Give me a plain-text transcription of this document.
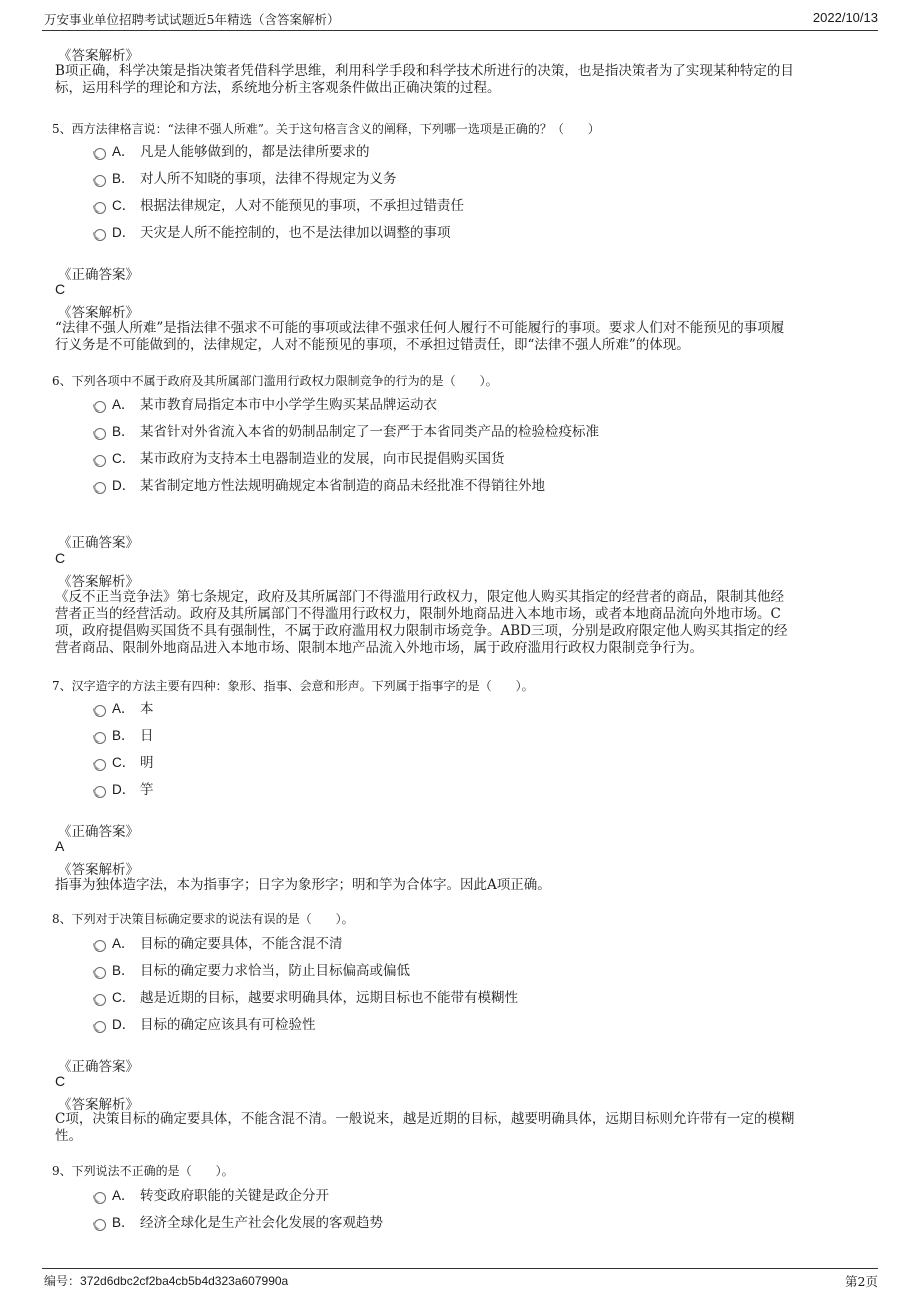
万安事业单位招聘考试试题近5年精选（含答案解析）	2022/10/13
《答案解析》
B项正确，科学决策是指决策者凭借科学思维，利用科学手段和科学技术所进行的决策，也是指决策者为了实现某种特定的目
标，运用科学的理论和方法，系统地分析主客观条件做出正确决策的过程。
5、西方法律格言说：“法律不强人所难”。关于这句格言含义的阐释，下列哪一选项是正确的？（　　）
A． 凡是人能够做到的，都是法律所要求的
B． 对人所不知晓的事项，法律不得规定为义务
C． 根据法律规定，人对不能预见的事项，不承担过错责任
D． 天灾是人所不能控制的，也不是法律加以调整的事项
《正确答案》
C
《答案解析》
“法律不强人所难”是指法律不强求不可能的事项或法律不强求任何人履行不可能履行的事项。要求人们对不能预见的事项履
行义务是不可能做到的，法律规定，人对不能预见的事项，不承担过错责任，即“法律不强人所难”的体现。
6、下列各项中不属于政府及其所属部门滥用行政权力限制竞争的行为的是（　　）。
A． 某市教育局指定本市中小学学生购买某品牌运动衣
B． 某省针对外省流入本省的奶制品制定了一套严于本省同类产品的检验检疫标准
C． 某市政府为支持本土电器制造业的发展，向市民提倡购买国货
D． 某省制定地方性法规明确规定本省制造的商品未经批准不得销往外地
《正确答案》
C
《答案解析》
《反不正当竞争法》第七条规定，政府及其所属部门不得滥用行政权力，限定他人购买其指定的经营者的商品，限制其他经
营者正当的经营活动。政府及其所属部门不得滥用行政权力，限制外地商品进入本地市场，或者本地商品流向外地市场。C
项，政府提倡购买国货不具有强制性，不属于政府滥用权力限制市场竞争。ABD三项，分别是政府限定他人购买其指定的经
营者商品、限制外地商品进入本地市场、限制本地产品流入外地市场，属于政府滥用行政权力限制竞争行为。
7、汉字造字的方法主要有四种：象形、指事、会意和形声。下列属于指事字的是（　　）。
A． 本
B． 日
C． 明
D． 竽
《正确答案》
A
《答案解析》
指事为独体造字法，本为指事字；日字为象形字；明和竽为合体字。因此A项正确。
8、下列对于决策目标确定要求的说法有误的是（　　）。
A． 目标的确定要具体，不能含混不清
B． 目标的确定要力求恰当，防止目标偏高或偏低
C． 越是近期的目标，越要求明确具体，远期目标也不能带有模糊性
D． 目标的确定应该具有可检验性
《正确答案》
C
《答案解析》
C项，决策目标的确定要具体，不能含混不清。一般说来，越是近期的目标，越要明确具体，远期目标则允许带有一定的模糊
性。
9、下列说法不正确的是（　　）。
A． 转变政府职能的关键是政企分开
B． 经济全球化是生产社会化发展的客观趋势
编号：372d6dbc2cf2ba4cb5b4d323a607990a	第2页
